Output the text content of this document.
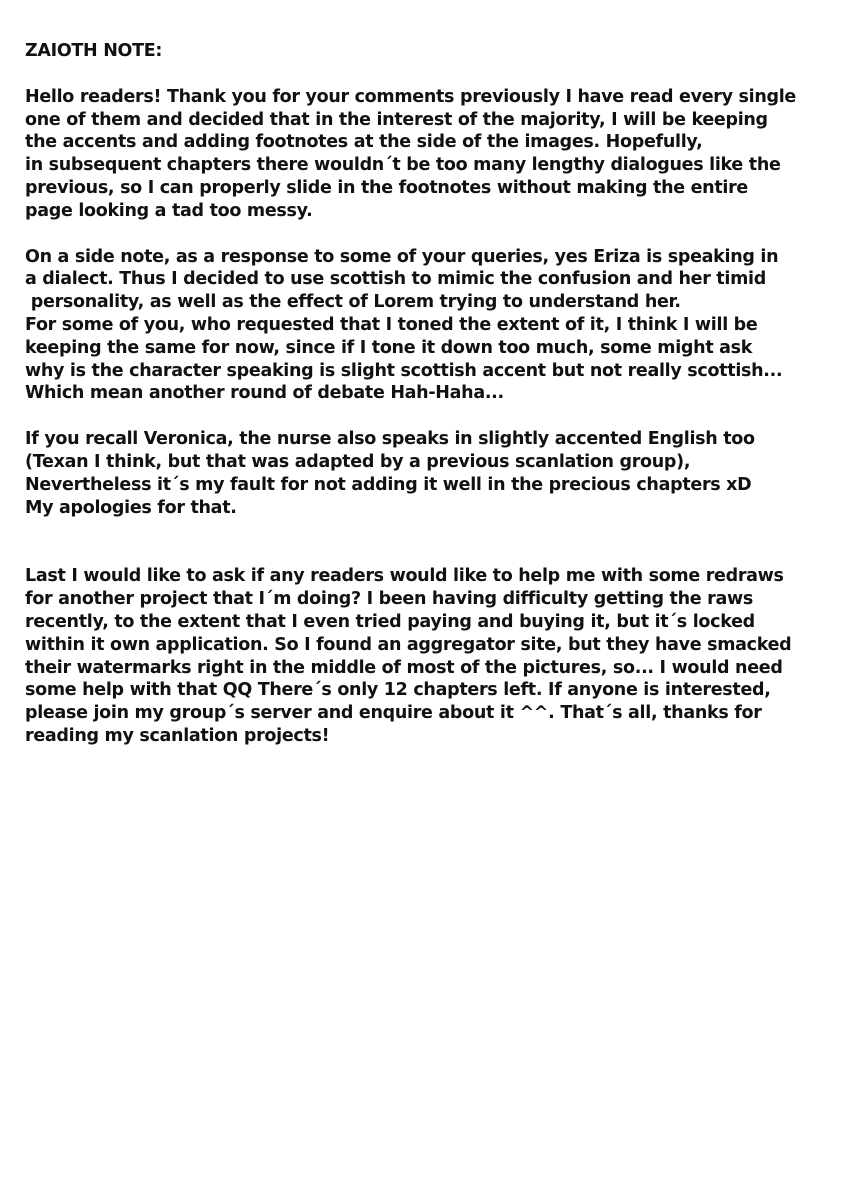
ZAIOTH NOTE:
Hello readers! Thank you for your comments previously I have read every single
one of them and decided that in the interest of the majority, I will be keeping
the accents and adding footnotes at the side of the images. Hopefully,
in subsequent chapters there wouldn´t be too many lengthy dialogues like the
previous, so I can properly slide in the footnotes without making the entire
page looking a tad too messy.
On a side note, as a response to some of your queries, yes Eriza is speaking in
a dialect. Thus I decided to use scottish to mimic the confusion and her timid
personality, as well as the effect of Lorem trying to understand her.
For some of you, who requested that I toned the extent of it, I think I will be
keeping the same for now, since if I tone it down too much, some might ask
why is the character speaking is slight scottish accent but not really scottish...
Which mean another round of debate Hah-Haha...
If you recall Veronica, the nurse also speaks in slightly accented English too
(Texan I think, but that was adapted by a previous scanlation group),
Nevertheless it´s my fault for not adding it well in the precious chapters xD
My apologies for that.
Last I would like to ask if any readers would like to help me with some redraws
for another project that I´m doing? I been having difficulty getting the raws
recently, to the extent that I even tried paying and buying it, but it´s locked
within it own application. So I found an aggregator site, but they have smacked
their watermarks right in the middle of most of the pictures, so... I would need
some help with that QQ There´s only 12 chapters left. If anyone is interested,
please join my group´s server and enquire about it ^^. That´s all, thanks for
reading my scanlation projects!
